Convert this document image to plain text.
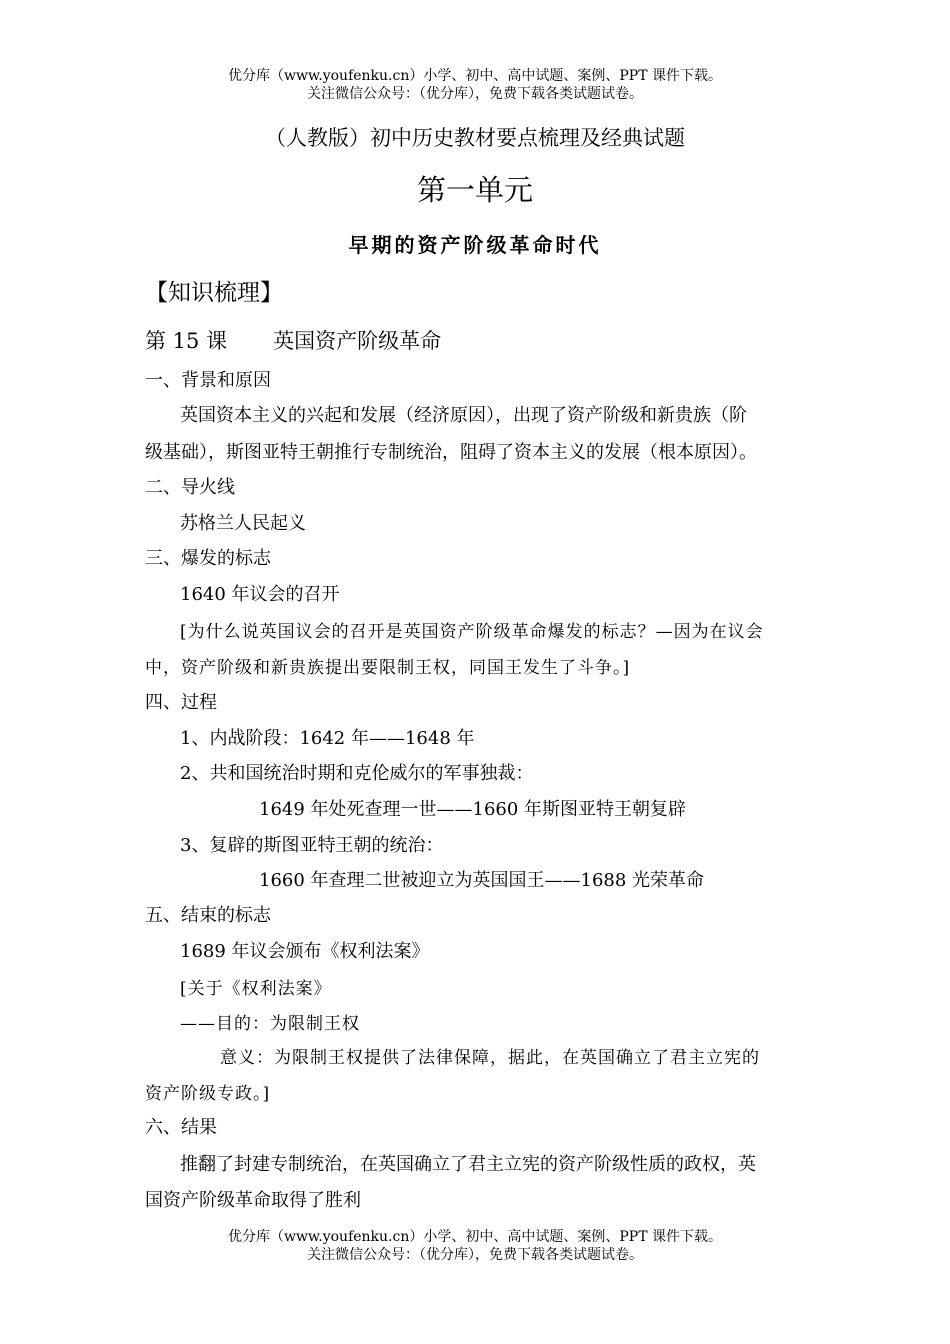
优分库（www.youfenku.cn）小学、初中、高中试题、案例、PPT 课件下载。
关注微信公众号：（优分库），免费下载各类试题试卷。
（人教版）初中历史教材要点梳理及经典试题
第一单元
早期的资产阶级革命时代
【知识梳理】
第 15 课 英国资产阶级革命
一、背景和原因
英国资本主义的兴起和发展（经济原因），出现了资产阶级和新贵族（阶
级基础），斯图亚特王朝推行专制统治，阻碍了资本主义的发展（根本原因）。
二、导火线
苏格兰人民起义
三、爆发的标志
1640 年议会的召开
[为什么说英国议会的召开是英国资产阶级革命爆发的标志？—因为在议会
中，资产阶级和新贵族提出要限制王权，同国王发生了斗争。]
四、过程
1、内战阶段：1642 年——1648 年
2、共和国统治时期和克伦威尔的军事独裁：
1649 年处死查理一世——1660 年斯图亚特王朝复辟
3、复辟的斯图亚特王朝的统治：
1660 年查理二世被迎立为英国国王——1688 光荣革命
五、结束的标志
1689 年议会颁布《权利法案》
[关于《权利法案》
——目的：为限制王权
意义：为限制王权提供了法律保障，据此，在英国确立了君主立宪的
资产阶级专政。]
六、结果
推翻了封建专制统治，在英国确立了君主立宪的资产阶级性质的政权，英
国资产阶级革命取得了胜利
优分库（www.youfenku.cn）小学、初中、高中试题、案例、PPT 课件下载。
关注微信公众号：（优分库），免费下载各类试题试卷。
